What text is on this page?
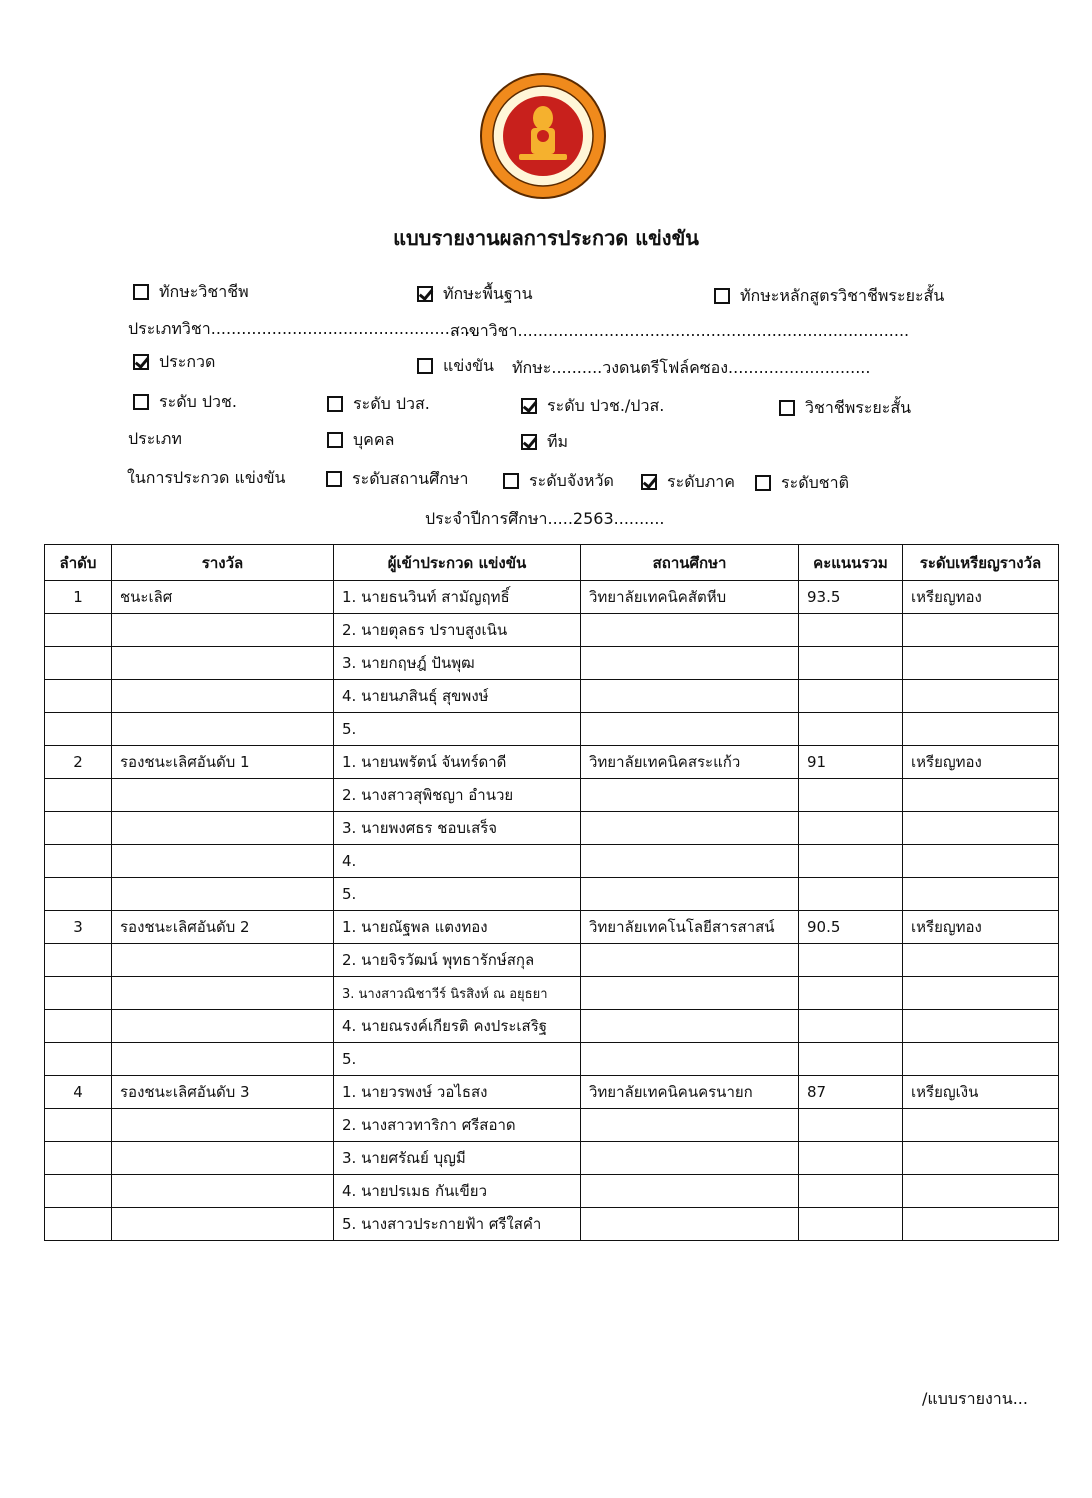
แบบรายงานผลการประกวด แข่งขัน
ทักษะวิชาชีพ	ทักษะพื้นฐาน	ทักษะหลักสูตรวิชาชีพระยะสั้น
ประเภทวิชา.....................................................
สาขาวิชา.............................................................................
ประกวด	แข่งขัน ทักษะ..........วงดนตรีโฟล์คซอง............................
ระดับ ปวช.	ระดับ ปวส.	ระดับ ปวช./ปวส.	วิชาชีพระยะสั้น
ประเภท	บุคคล	ทีม
ในการประกวด แข่งขัน	ระดับสถานศึกษา	ระดับจังหวัด	ระดับภาค	ระดับชาติ
ประจำปีการศึกษา.....2563..........
ลำดับ	รางวัล	ผู้เข้าประกวด แข่งขัน	สถานศึกษา	คะแนนรวม	ระดับเหรียญรางวัล
1	ชนะเลิศ	1. นายธนวินท์ สามัญฤทธิ์	วิทยาลัยเทคนิคสัตหีบ	93.5	เหรียญทอง
		2. นายตุลธร ปราบสูงเนิน			
		3. นายกฤษฎ์ ปันพุฒ			
		4. นายนภสินธุ์ สุขพงษ์			
		5.			
2	รองชนะเลิศอันดับ 1	1. นายนพรัตน์ จันทร์ดาดี	วิทยาลัยเทคนิคสระแก้ว	91	เหรียญทอง
		2. นางสาวสุพิชญา อำนวย			
		3. นายพงศธร ชอบเสร็จ			
		4.			
		5.			
3	รองชนะเลิศอันดับ 2	1. นายณัฐพล แตงทอง	วิทยาลัยเทคโนโลยีสารสาสน์	90.5	เหรียญทอง
		2. นายจิรวัฒน์ พุทธารักษ์สกุล			
		3. นางสาวณิชาวีร์ นิรสิงห์ ณ อยุธยา			
		4. นายณรงค์เกียรติ คงประเสริฐ			
		5.			
4	รองชนะเลิศอันดับ 3	1. นายวรพงษ์ วอไธสง	วิทยาลัยเทคนิคนครนายก	87	เหรียญเงิน
		2. นางสาวทาริกา ศรีสอาด			
		3. นายศรัณย์ บุญมี			
		4. นายปรเมธ กันเขียว			
		5. นางสาวประกายฟ้า ศรีใสคำ			
/แบบรายงาน...
